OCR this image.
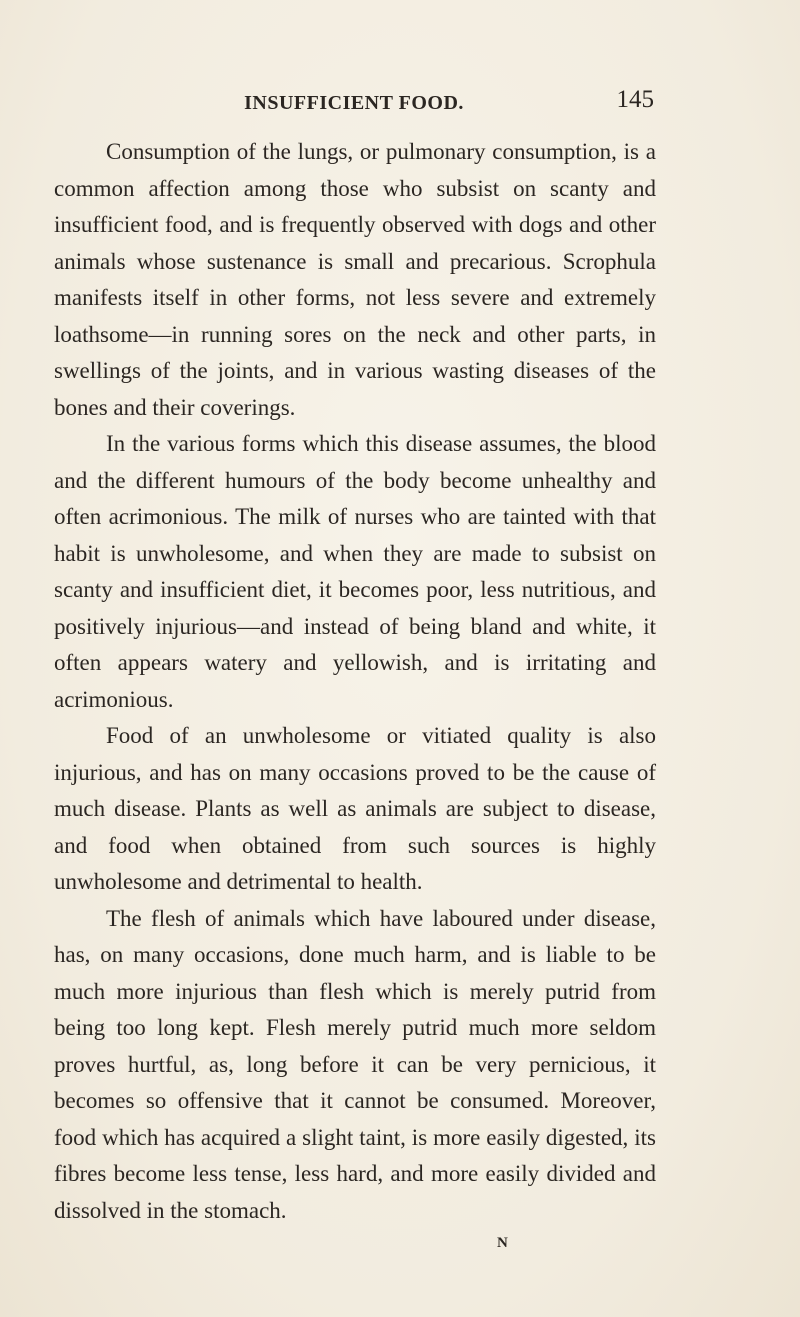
INSUFFICIENT FOOD.	145

Consumption of the lungs, or pulmonary consumption, is a common affection among those who subsist on scanty and insufficient food, and is frequently observed with dogs and other animals whose sustenance is small and precarious. Scrophula manifests itself in other forms, not less severe and extremely loathsome—in running sores on the neck and other parts, in swellings of the joints, and in various wasting diseases of the bones and their coverings.

In the various forms which this disease assumes, the blood and the different humours of the body become unhealthy and often acrimonious. The milk of nurses who are tainted with that habit is unwholesome, and when they are made to subsist on scanty and insufficient diet, it becomes poor, less nutritious, and positively injurious—and instead of being bland and white, it often appears watery and yellowish, and is irritating and acrimonious.

Food of an unwholesome or vitiated quality is also injurious, and has on many occasions proved to be the cause of much disease. Plants as well as animals are subject to disease, and food when obtained from such sources is highly unwholesome and detrimental to health.

The flesh of animals which have laboured under disease, has, on many occasions, done much harm, and is liable to be much more injurious than flesh which is merely putrid from being too long kept. Flesh merely putrid much more seldom proves hurtful, as, long before it can be very pernicious, it becomes so offensive that it cannot be consumed. Moreover, food which has acquired a slight taint, is more easily digested, its fibres become less tense, less hard, and more easily divided and dissolved in the stomach.

N
